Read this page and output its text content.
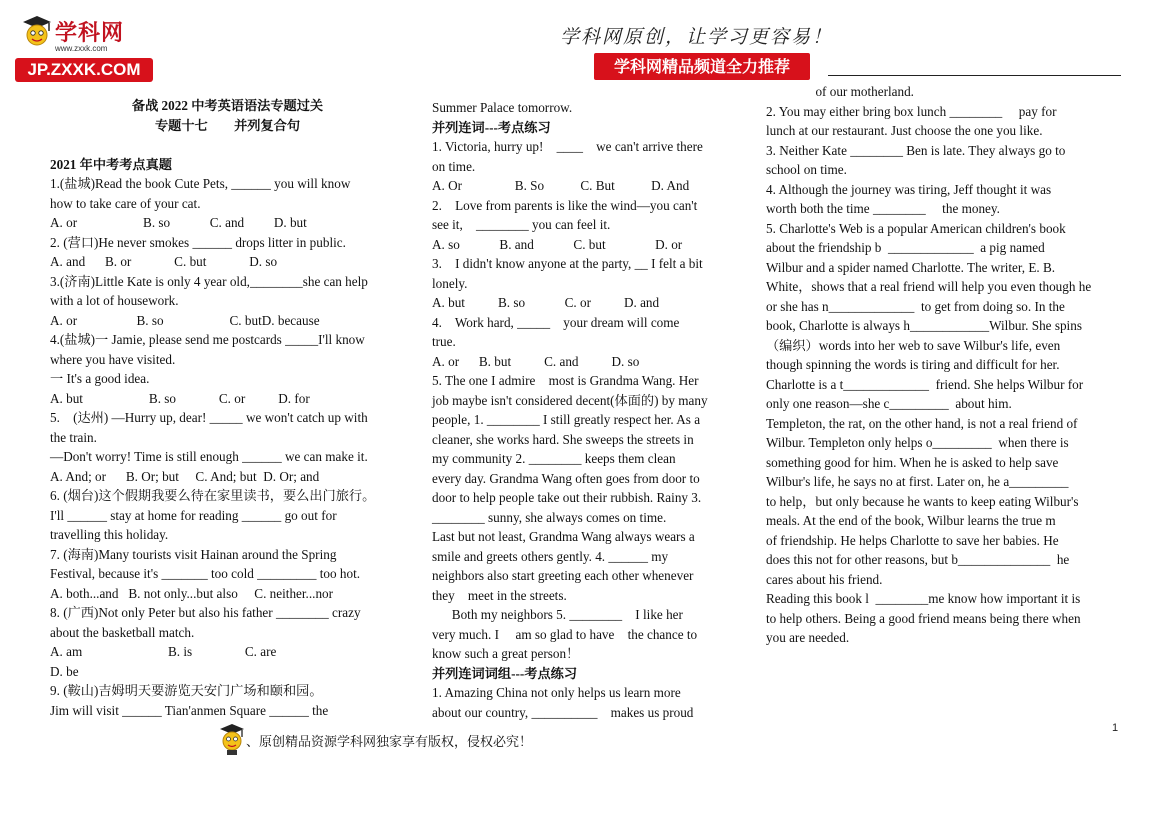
学科网
www.zxxk.com
JP.ZXXK.COM
学科网原创，让学习更容易！
学科网精品频道全力推荐

备战 2022 中考英语语法专题过关

专题十七        并列复合句

2021 年中考考点真题

1.(盐城)Read the book Cute Pets, ______ you will know

how to take care of your cat.

A. or                    B. so            C. and         D. but

2. (营口)He never smokes ______ drops litter in public.

A. and      B. or             C. but             D. so

3.(济南)Little Kate is only 4 year old,________she can help

with a lot of housework.

A. or                  B. so                    C. butD. because

4.(盐城)一 Jamie, please send me postcards _____I'll know

where you have visited.

一 It's a good idea.

A. but                    B. so             C. or          D. for

5.    (达州) —Hurry up, dear! _____ we won't catch up with

the train.

—Don't worry! Time is still enough ______ we can make it.

A. And; or      B. Or; but     C. And; but  D. Or; and

6. (烟台)这个假期我要么待在家里读书，要么出门旅行。

I'll ______ stay at home for reading ______ go out for

travelling this holiday.

7. (海南)Many tourists visit Hainan around the Spring

Festival, because it's _______ too cold _________ too hot.

A. both...and   B. not only...but also     C. neither...nor

8. (广西)Not only Peter but also his father ________ crazy

about the basketball match.

A. am                          B. is                C. are

D. be

9. (鞍山)吉姆明天要游览天安门广场和颐和园。

Jim will visit ______ Tian'anmen Square ______ the

Summer Palace tomorrow.

并列连词---考点练习

1. Victoria, hurry up!    ____    we can't arrive there

on time.

A. Or                B. So           C. But           D. And

2.    Love from parents is like the wind—you can't

see it,    ________ you can feel it.

A. so            B. and            C. but               D. or

3.    I didn't know anyone at the party, __ I felt a bit

lonely.

A. but          B. so            C. or          D. and

4.    Work hard, _____    your dream will come

true.

A. or      B. but          C. and          D. so

5. The one I admire    most is Grandma Wang. Her

job maybe isn't considered decent(体面的) by many

people, 1. ________ I still greatly respect her. As a

cleaner, she works hard. She sweeps the streets in

my community 2. ________ keeps them clean

every day. Grandma Wang often goes from door to

door to help people take out their rubbish. Rainy 3.

________ sunny, she always comes on time.

Last but not least, Grandma Wang always wears a

smile and greets others gently. 4. ______ my

neighbors also start greeting each other whenever

they    meet in the streets.

Both my neighbors 5. ________    I like her

very much. I     am so glad to have    the chance to

know such a great person！

并列连词词组---考点练习

1. Amazing China not only helps us learn more

about our country, __________    makes us proud

of our motherland.

2. You may either bring box lunch ________     pay for

lunch at our restaurant. Just choose the one you like.

3. Neither Kate ________ Ben is late. They always go to

school on time.

4. Although the journey was tiring, Jeff thought it was

worth both the time ________     the money.

5. Charlotte's Web is a popular American children's book

about the friendship b  _____________  a pig named

Wilbur and a spider named Charlotte. The writer, E. B.

White，shows that a real friend will help you even though he

or she has n_____________  to get from doing so. In the

book, Charlotte is always h____________Wilbur. She spins

（编织）words into her web to save Wilbur's life, even

though spinning the words is tiring and difficult for her.

Charlotte is a t_____________  friend. She helps Wilbur for

only one reason—she c_________  about him.

Templeton, the rat, on the other hand, is not a real friend of

Wilbur. Templeton only helps o_________  when there is

something good for him. When he is asked to help save

Wilbur's life, he says no at first. Later on, he a_________

to help，but only because he wants to keep eating Wilbur's

meals. At the end of the book, Wilbur learns the true m

of friendship. He helps Charlotte to save her babies. He

does this not for other reasons, but b______________  he

cares about his friend.

Reading this book l  ________me know how important it is

to help others. Being a good friend means being there when

you are needed.

、原创精品资源学科网独家享有版权，侵权必究！
1
